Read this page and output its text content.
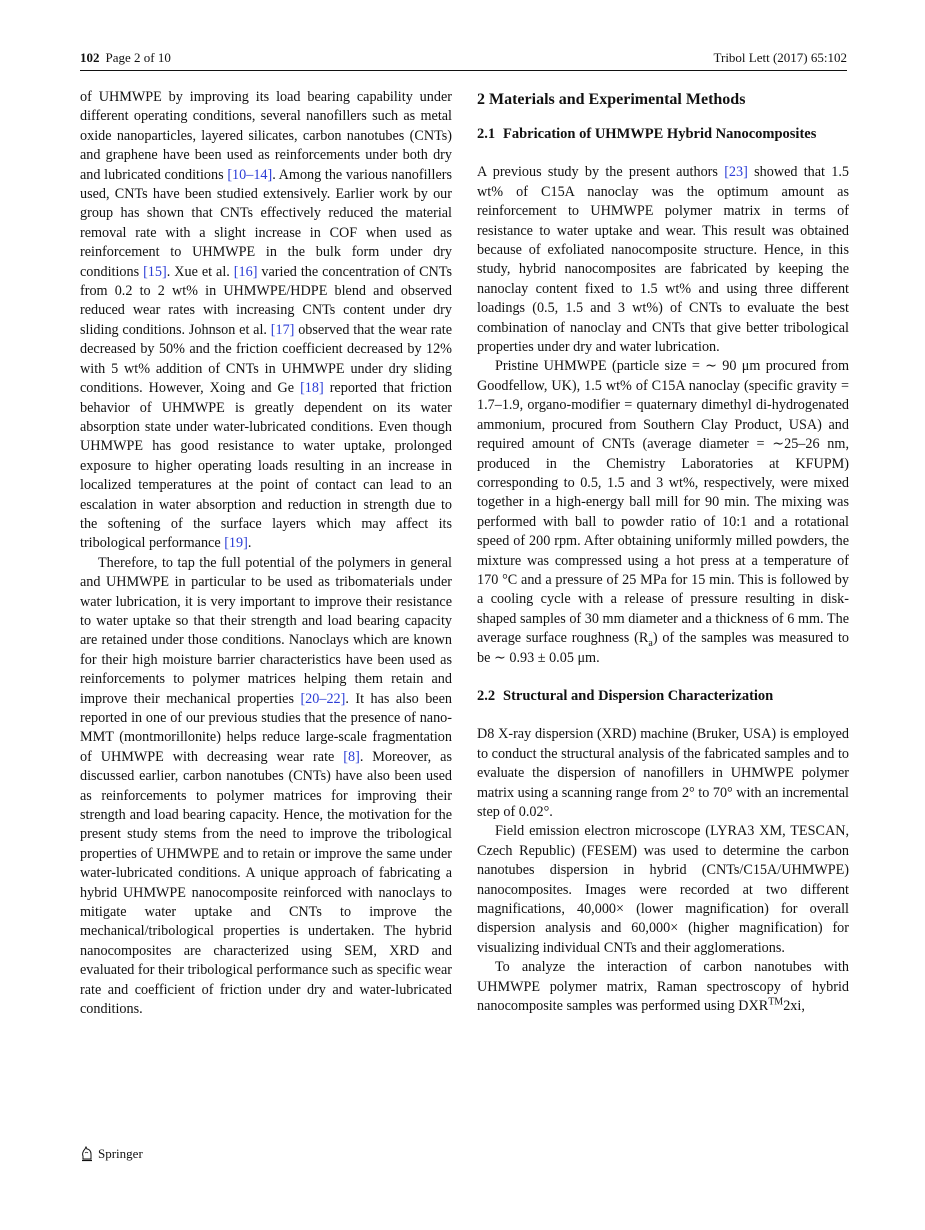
102 Page 2 of 10	Tribol Lett (2017) 65:102

of UHMWPE by improving its load bearing capability under different operating conditions, several nanofillers such as metal oxide nanoparticles, layered silicates, carbon nanotubes (CNTs) and graphene have been used as reinforcements under both dry and lubricated conditions [10–14]. Among the various nanofillers used, CNTs have been studied extensively. Earlier work by our group has shown that CNTs effectively reduced the material removal rate with a slight increase in COF when used as reinforcement to UHMWPE in the bulk form under dry conditions [15]. Xue et al. [16] varied the concentration of CNTs from 0.2 to 2 wt% in UHMWPE/HDPE blend and observed reduced wear rates with increasing CNTs content under dry sliding conditions. Johnson et al. [17] observed that the wear rate decreased by 50% and the friction coefficient decreased by 12% with 5 wt% addition of CNTs in UHMWPE under dry sliding conditions. However, Xoing and Ge [18] reported that friction behavior of UHMWPE is greatly dependent on its water absorption state under water-lubricated conditions. Even though UHMWPE has good resistance to water uptake, prolonged exposure to higher operating loads resulting in an increase in localized temperatures at the point of contact can lead to an escalation in water absorption and reduction in strength due to the softening of the surface layers which may affect its tribological performance [19].

Therefore, to tap the full potential of the polymers in general and UHMWPE in particular to be used as tribomaterials under water lubrication, it is very important to improve their resistance to water uptake so that their strength and load bearing capacity are retained under those conditions. Nanoclays which are known for their high moisture barrier characteristics have been used as reinforcements to polymer matrices helping them retain and improve their mechanical properties [20–22]. It has also been reported in one of our previous studies that the presence of nano-MMT (montmorillonite) helps reduce large-scale fragmentation of UHMWPE with decreasing wear rate [8]. Moreover, as discussed earlier, carbon nanotubes (CNTs) have also been used as reinforcements to polymer matrices for improving their strength and load bearing capacity. Hence, the motivation for the present study stems from the need to improve the tribological properties of UHMWPE and to retain or improve the same under water-lubricated conditions. A unique approach of fabricating a hybrid UHMWPE nanocomposite reinforced with nanoclays to mitigate water uptake and CNTs to improve the mechanical/tribological properties is undertaken. The hybrid nanocomposites are characterized using SEM, XRD and evaluated for their tribological performance such as specific wear rate and coefficient of friction under dry and water-lubricated conditions.

2 Materials and Experimental Methods
2.1 Fabrication of UHMWPE Hybrid Nanocomposites

A previous study by the present authors [23] showed that 1.5 wt% of C15A nanoclay was the optimum amount as reinforcement to UHMWPE polymer matrix in terms of resistance to water uptake and wear. This result was obtained because of exfoliated nanocomposite structure. Hence, in this study, hybrid nanocomposites are fabricated by keeping the nanoclay content fixed to 1.5 wt% and using three different loadings (0.5, 1.5 and 3 wt%) of CNTs to evaluate the best combination of nanoclay and CNTs that give better tribological properties under dry and water lubrication.

Pristine UHMWPE (particle size = ∼ 90 μm procured from Goodfellow, UK), 1.5 wt% of C15A nanoclay (specific gravity = 1.7–1.9, organo-modifier = quaternary dimethyl di-hydrogenated ammonium, procured from Southern Clay Product, USA) and required amount of CNTs (average diameter = ∼25–26 nm, produced in the Chemistry Laboratories at KFUPM) corresponding to 0.5, 1.5 and 3 wt%, respectively, were mixed together in a high-energy ball mill for 90 min. The mixing was performed with ball to powder ratio of 10:1 and a rotational speed of 200 rpm. After obtaining uniformly milled powders, the mixture was compressed using a hot press at a temperature of 170 °C and a pressure of 25 MPa for 15 min. This is followed by a cooling cycle with a release of pressure resulting in disk-shaped samples of 30 mm diameter and a thickness of 6 mm. The average surface roughness $(R_a)$ of the samples was measured to be ∼ 0.93 ± 0.05 μm.

2.2 Structural and Dispersion Characterization

D8 X-ray dispersion (XRD) machine (Bruker, USA) is employed to conduct the structural analysis of the fabricated samples and to evaluate the dispersion of nanofillers in UHMWPE polymer matrix using a scanning range from 2° to 70° with an incremental step of 0.02°.

Field emission electron microscope (LYRA3 XM, TESCAN, Czech Republic) (FESEM) was used to determine the carbon nanotubes dispersion in hybrid (CNTs/C15A/UHMWPE) nanocomposites. Images were recorded at two different magnifications, 40,000× (lower magnification) for overall dispersion analysis and 60,000× (higher magnification) for visualizing individual CNTs and their agglomerations.

To analyze the interaction of carbon nanotubes with UHMWPE polymer matrix, Raman spectroscopy of hybrid nanocomposite samples was performed using DXR™2xi,

Springer
